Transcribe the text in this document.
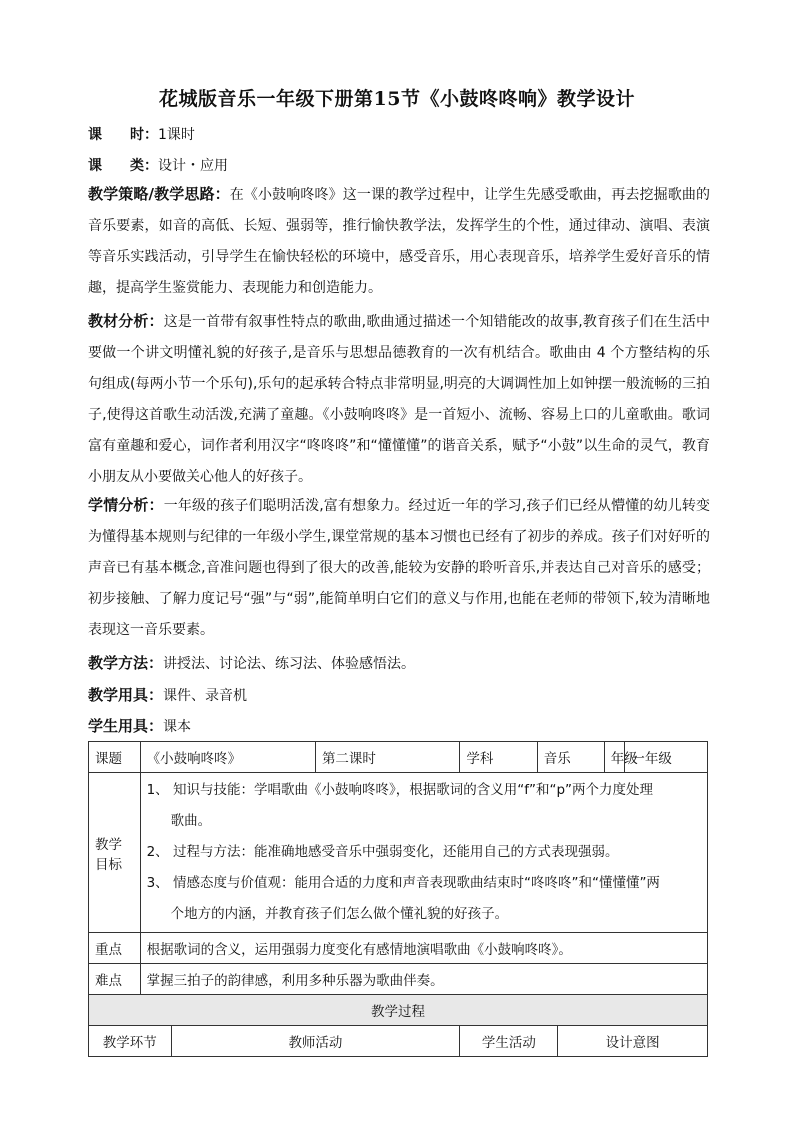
花城版音乐一年级下册第15节《小鼓咚咚响》教学设计
课　　时：1课时
课　　类：设计・应用
教学策略/教学思路：在《小鼓响咚咚》这一课的教学过程中，让学生先感受歌曲，再去挖掘歌曲的音乐要素，如音的高低、长短、强弱等，推行愉快教学法，发挥学生的个性，通过律动、演唱、表演等音乐实践活动，引导学生在愉快轻松的环境中，感受音乐，用心表现音乐，培养学生爱好音乐的情趣，提高学生鉴赏能力、表现能力和创造能力。
教材分析：这是一首带有叙事性特点的歌曲,歌曲通过描述一个知错能改的故事,教育孩子们在生活中要做一个讲文明懂礼貌的好孩子,是音乐与思想品德教育的一次有机结合。歌曲由 4 个方整结构的乐句组成(每两小节一个乐句),乐句的起承转合特点非常明显,明亮的大调调性加上如钟摆一般流畅的三拍子,使得这首歌生动活泼,充满了童趣。《小鼓响咚咚》是一首短小、流畅、容易上口的儿童歌曲。歌词富有童趣和爱心，词作者利用汉字“咚咚咚”和“懂懂懂”的谐音关系，赋予“小鼓”以生命的灵气，教育小朋友从小要做关心他人的好孩子。
学情分析：一年级的孩子们聪明活泼,富有想象力。经过近一年的学习,孩子们已经从懵懂的幼儿转变为懂得基本规则与纪律的一年级小学生,课堂常规的基本习惯也已经有了初步的养成。孩子们对好听的声音已有基本概念,音准问题也得到了很大的改善,能较为安静的聆听音乐,并表达自己对音乐的感受；初步接触、了解力度记号“强”与“弱”,能简单明白它们的意义与作用,也能在老师的带领下,较为清晰地表现这一音乐要素。
教学方法：讲授法、讨论法、练习法、体验感悟法。
教学用具：课件、录音机
学生用具：课本
课题	《小鼓响咚咚》		第二课时	学科	音乐		年级	一年级
教学目标	1、 知识与技能：学唱歌曲《小鼓响咚咚》，根据歌词的含义用“f”和“p”两个力度处理
歌曲。
2、 过程与方法：能准确地感受音乐中强弱变化，还能用自己的方式表现强弱。
3、 情感态度与价值观：能用合适的力度和声音表现歌曲结束时“咚咚咚”和“懂懂懂”两
个地方的内涵，并教育孩子们怎么做个懂礼貌的好孩子。							

重点	根据歌词的含义，运用强弱力度变化有感情地演唱歌曲《小鼓响咚咚》。							
难点	掌握三拍子的韵律感，利用多种乐器为歌曲伴奏。							
教学过程								
教学环节		教师活动		学生活动		设计意图		
